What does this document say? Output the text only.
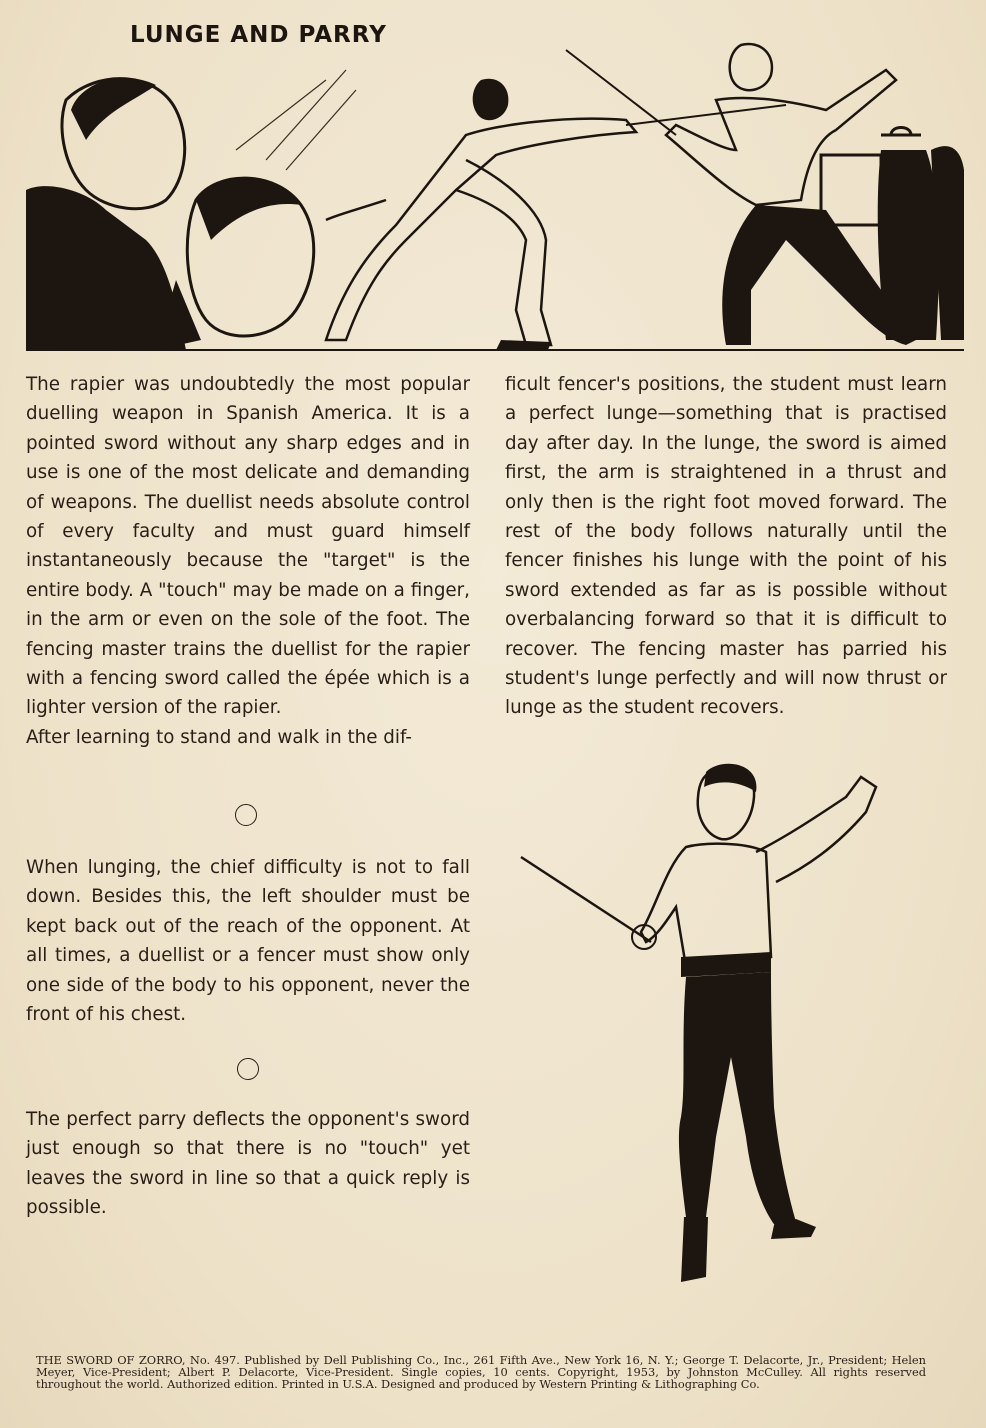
LUNGE AND PARRY

The rapier was undoubtedly the most popular duelling weapon in Spanish America. It is a pointed sword without any sharp edges and in use is one of the most delicate and demanding of weapons. The duellist needs absolute control of every faculty and must guard himself instantaneously because the "target" is the entire body. A "touch" may be made on a finger, in the arm or even on the sole of the foot. The fencing master trains the duellist for the rapier with a fencing sword called the épée which is a lighter version of the rapier.

After learning to stand and walk in the dif-

ficult fencer's positions, the student must learn a perfect lunge—something that is practised day after day. In the lunge, the sword is aimed first, the arm is straightened in a thrust and only then is the right foot moved forward. The rest of the body follows naturally until the fencer finishes his lunge with the point of his sword extended as far as is possible without overbalancing forward so that it is difficult to recover. The fencing master has parried his student's lunge perfectly and will now thrust or lunge as the student recovers.

When lunging, the chief difficulty is not to fall down. Besides this, the left shoulder must be kept back out of the reach of the opponent. At all times, a duellist or a fencer must show only one side of the body to his opponent, never the front of his chest.

The perfect parry deflects the opponent's sword just enough so that there is no "touch" yet leaves the sword in line so that a quick reply is possible.

THE SWORD OF ZORRO, No. 497. Published by Dell Publishing Co., Inc., 261 Fifth Ave., New York 16, N. Y.; George T. Delacorte, Jr., President; Helen Meyer, Vice-President; Albert P. Delacorte, Vice-President. Single copies, 10 cents. Copyright, 1953, by Johnston McCulley. All rights reserved throughout the world. Authorized edition. Printed in U.S.A. Designed and produced by Western Printing & Lithographing Co.
